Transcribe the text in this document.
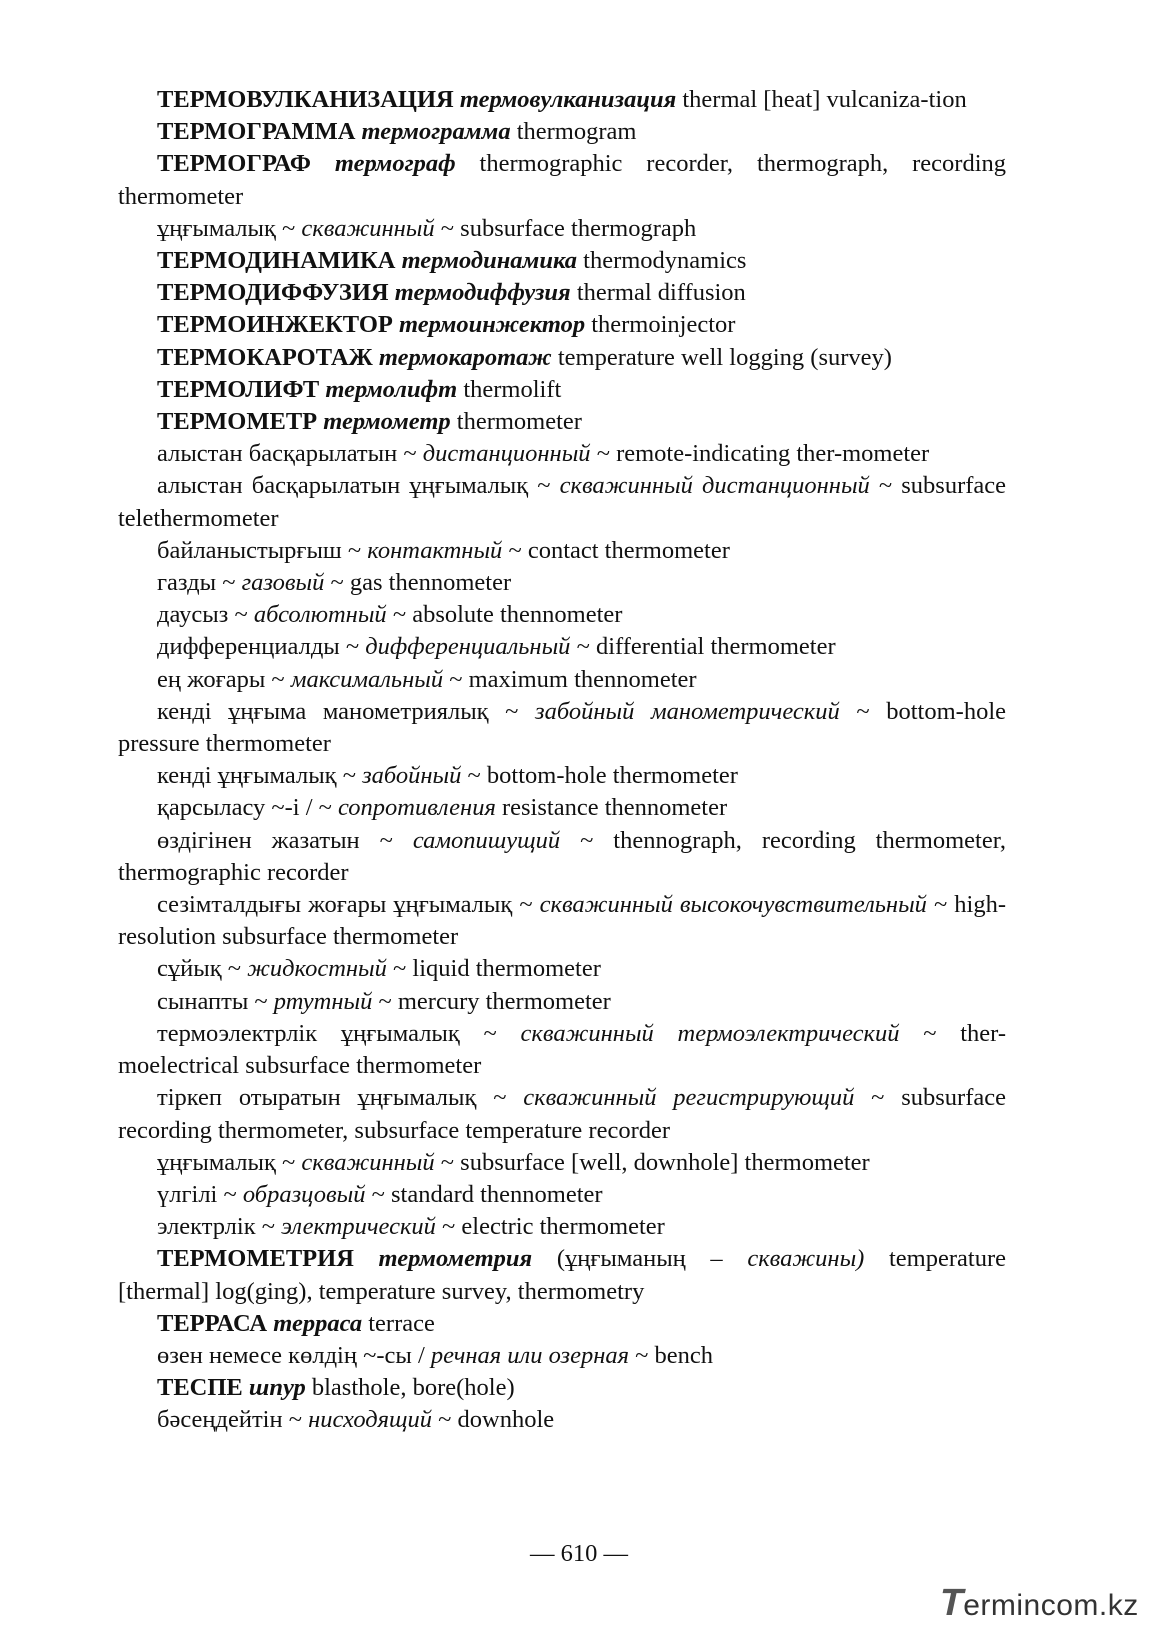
ТЕРМОВУЛКАНИЗАЦИЯ термовулканизация thermal [heat] vulcaniza-tion

ТЕРМОГРАММА термограмма thermogram

ТЕРМОГРАФ термограф thermographic recorder, thermograph, recording thermometer

ұңғымалық ~ скважинный ~ subsurface thermograph

ТЕРМОДИНАМИКА термодинамика thermodynamics

ТЕРМОДИФФУЗИЯ термодиффузия thermal diffusion

ТЕРМОИНЖЕКТОР термоинжектор thermoinjector

ТЕРМОКАРОТАЖ термокаротаж temperature well logging (survey)

ТЕРМОЛИФТ термолифт thermolift

ТЕРМОМЕТР термометр thermometer

алыстан басқарылатын ~ дистанционный ~ remote-indicating ther-mometer

алыстан басқарылатын ұңғымалық ~ скважинный дистанционный ~ subsurface telethermometer

байланыстырғыш ~ контактный ~ contact thermometer

газды ~ газовый ~ gas thennometer

даусыз ~ абсолютный ~ absolute thennometer

дифференциалды ~ дифференциальный ~ differential thermometer

ең жоғары ~ максимальный ~ maximum thennometer

кенді ұңғыма манометриялық ~ забойный манометрический ~ bottom-hole pressure thermometer

кенді ұңғымалық ~ забойный ~ bottom-hole thermometer

қарсыласу ~-і / ~ сопротивления resistance thennometer

өздігінен жазатын ~ самопишущий ~ thennograph, recording thermometer, thermographic recorder

сезімталдығы жоғары ұңғымалық ~ скважинный высокочувствительный ~ high-resolution subsurface thermometer

сұйық ~ жидкостный ~ liquid thermometer

сынапты ~ ртутный ~ mercury thermometer

термоэлектрлік ұңғымалық ~ скважинный термоэлектрический ~ ther-moelectrical subsurface thermometer

тіркеп отыратын ұңғымалық ~ скважинный регистрирующий ~ subsurface recording thermometer, subsurface temperature recorder

ұңғымалық ~ скважинный ~ subsurface [well, downhole] thermometer

үлгілі ~ образцовый ~ standard thennometer

электрлік ~ электрический ~ electric thermometer

ТЕРМОМЕТРИЯ термометрия (ұңғыманың – скважины) temperature [thermal] log(ging), temperature survey, thermometry

ТЕРРАСА терраса terrace

өзен немесе көлдің ~-сы / речная или озерная ~ bench

ТЕСПЕ шпур blasthole, bore(hole)

бәсеңдейтін ~ нисходящий ~ downhole

— 610 —
Termincоm.kz
